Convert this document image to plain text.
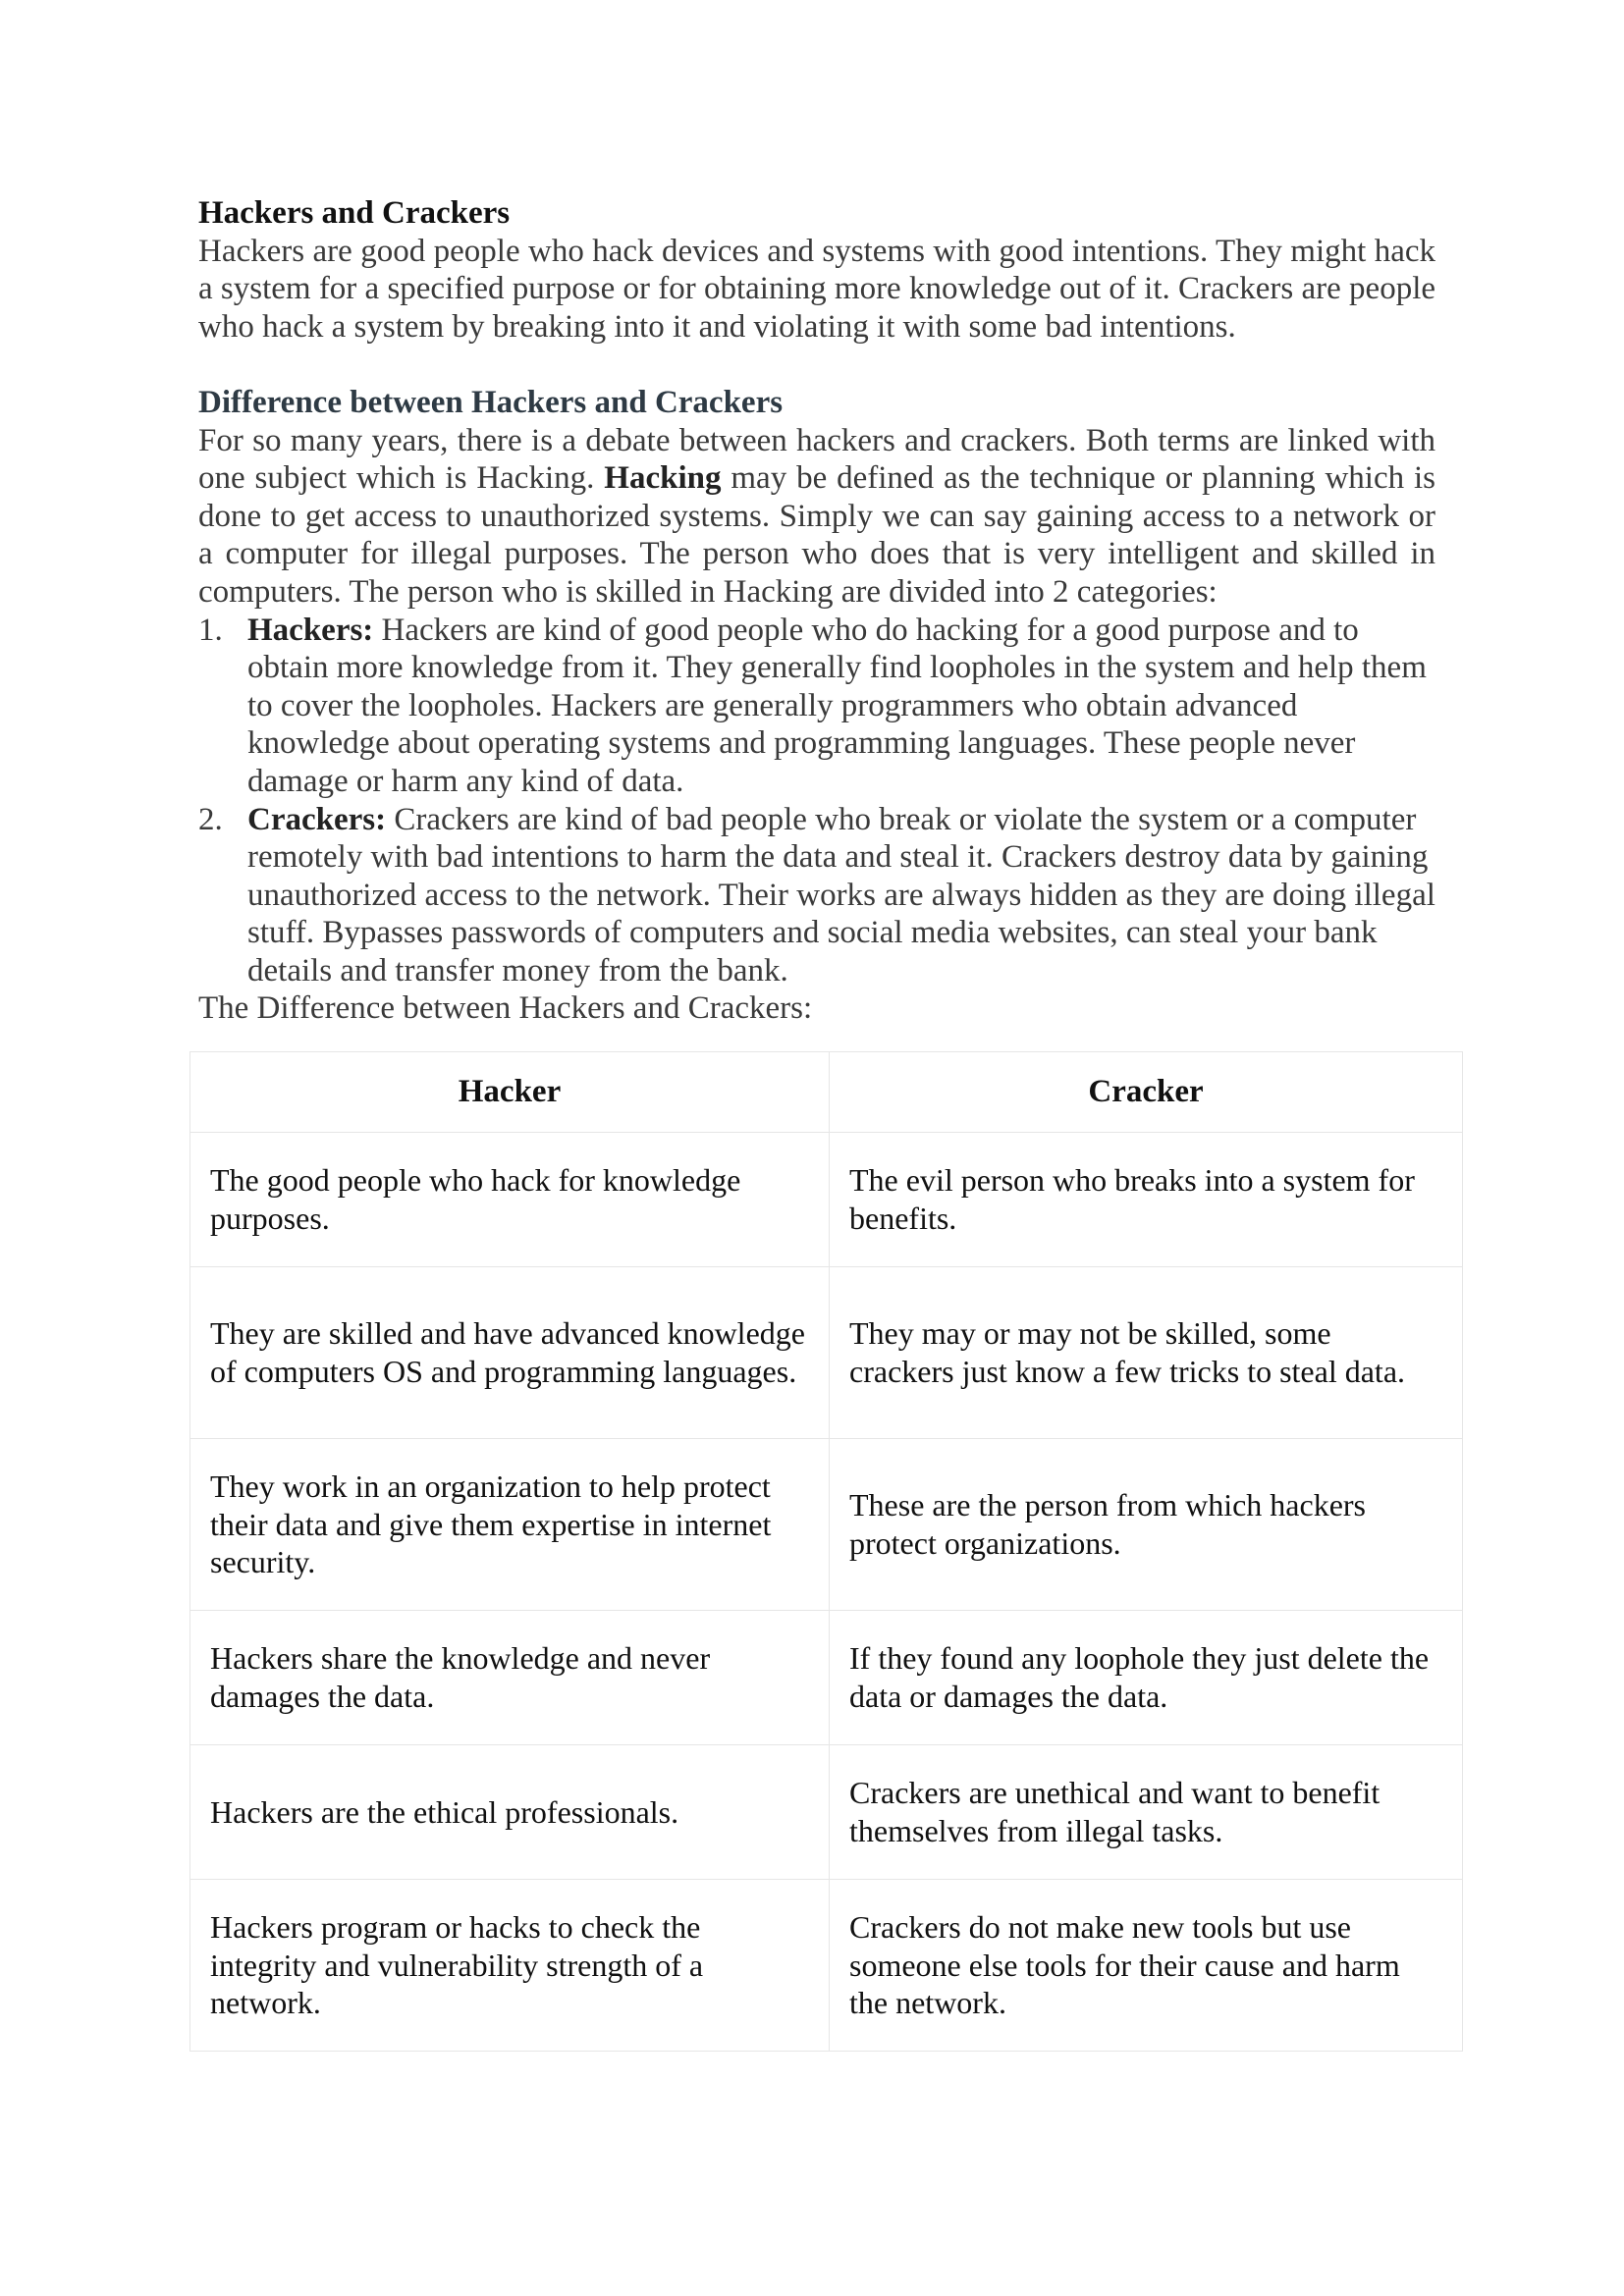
Hackers and Crackers

Hackers are good people who hack devices and systems with good intentions. They might hack a system for a specified purpose or for obtaining more knowledge out of it. Crackers are people who hack a system by breaking into it and violating it with some bad intentions.

Difference between Hackers and Crackers

For so many years, there is a debate between hackers and crackers. Both terms are linked with one subject which is Hacking. Hacking may be defined as the technique or planning which is done to get access to unauthorized systems. Simply we can say gaining access to a network or a computer for illegal purposes. The person who does that is very intelligent and skilled in computers. The person who is skilled in Hacking are divided into 2 categories:

1. Hackers: Hackers are kind of good people who do hacking for a good purpose and to obtain more knowledge from it. They generally find loopholes in the system and help them to cover the loopholes. Hackers are generally programmers who obtain advanced knowledge about operating systems and programming languages. These people never damage or harm any kind of data.
2. Crackers: Crackers are kind of bad people who break or violate the system or a computer remotely with bad intentions to harm the data and steal it. Crackers destroy data by gaining unauthorized access to the network. Their works are always hidden as they are doing illegal stuff. Bypasses passwords of computers and social media websites, can steal your bank details and transfer money from the bank.

The Difference between Hackers and Crackers:

Hacker	Cracker
The good people who hack for knowledge purposes.	The evil person who breaks into a system for benefits.
They are skilled and have advanced knowledge of computers OS and programming languages.	They may or may not be skilled, some crackers just know a few tricks to steal data.
They work in an organization to help protect their data and give them expertise in internet security.	These are the person from which hackers protect organizations.
Hackers share the knowledge and never damages the data.	If they found any loophole they just delete the data or damages the data.
Hackers are the ethical professionals.	Crackers are unethical and want to benefit themselves from illegal tasks.
Hackers program or hacks to check the integrity and vulnerability strength of a network.	Crackers do not make new tools but use someone else tools for their cause and harm the network.
